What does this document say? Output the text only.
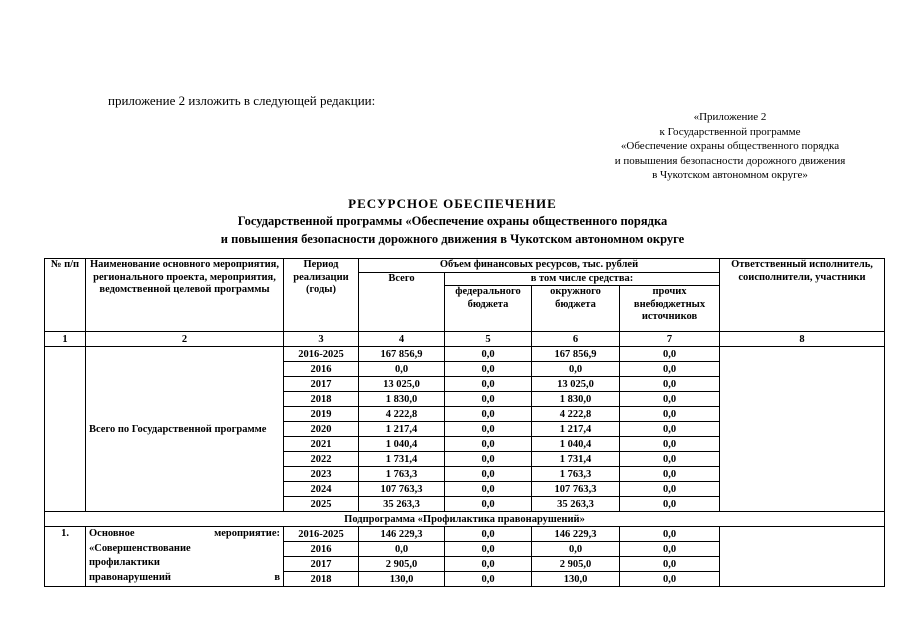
приложение 2 изложить в следующей редакции:
«Приложение 2
к Государственной программе
«Обеспечение охраны общественного порядка
и повышения безопасности дорожного движения
в Чукотском автономном округе»
РЕСУРСНОЕ ОБЕСПЕЧЕНИЕ
Государственной программы «Обеспечение охраны общественного порядка
и повышения безопасности дорожного движения в Чукотском автономном округе
№ п/п	Наименование основного мероприятия, регионального проекта, мероприятия, ведомственной целевой программы	Период реализации (годы)	Объем финансовых ресурсов, тыс. рублей				Ответственный исполнитель, соисполнители, участники
			Всего	в том числе средства:			
				федерального бюджета	окружного бюджета	прочих внебюджетных источников	
1	2	3	4	5	6	7	8
	Всего по Государственной программе	2016-2025	167 856,9	0,0	167 856,9	0,0	
		2016	0,0	0,0	0,0	0,0	
		2017	13 025,0	0,0	13 025,0	0,0	
		2018	1 830,0	0,0	1 830,0	0,0	
		2019	4 222,8	0,0	4 222,8	0,0	
		2020	1 217,4	0,0	1 217,4	0,0	
		2021	1 040,4	0,0	1 040,4	0,0	
		2022	1 731,4	0,0	1 731,4	0,0	
		2023	1 763,3	0,0	1 763,3	0,0	
		2024	107 763,3	0,0	107 763,3	0,0	
		2025	35 263,3	0,0	35 263,3	0,0	
Подпрограмма «Профилактика правонарушений»							
1.	Основное мероприятие:
«Совершенствование
профилактики
правонарушений в	2016-2025	146 229,3	0,0	146 229,3	0,0	
		2016	0,0	0,0	0,0	0,0	
		2017	2 905,0	0,0	2 905,0	0,0	
		2018	130,0	0,0	130,0	0,0	
